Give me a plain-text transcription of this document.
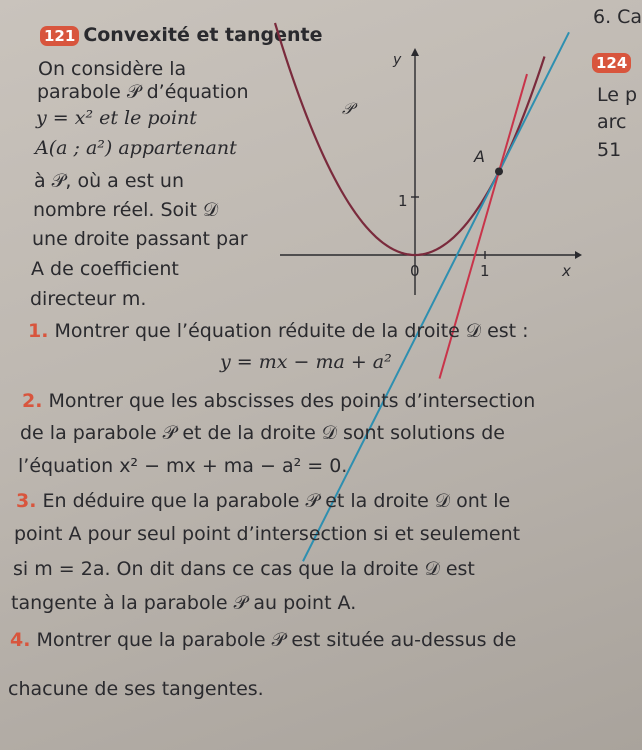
6. Ca
124
Le p
arc
51
121 Convexité et tangente
On considère la
parabole 𝒫 d’équation
y = x² et le point
A(a ; a²) appartenant
à 𝒫, où a est un
nombre réel. Soit 𝒟
une droite passant par
A de coefficient
directeur m.
y
x
0	1
1
𝒫
A
1. Montrer que l’équation réduite de la droite 𝒟 est :
y = mx − ma + a²
2. Montrer que les abscisses des points d’intersection
de la parabole 𝒫 et de la droite 𝒟 sont solutions de
l’équation x² − mx + ma − a² = 0.
3. En déduire que la parabole 𝒫 et la droite 𝒟 ont le
point A pour seul point d’intersection si et seulement
si m = 2a. On dit dans ce cas que la droite 𝒟 est
tangente à la parabole 𝒫 au point A.
4. Montrer que la parabole 𝒫 est située au-dessus de
chacune de ses tangentes.
